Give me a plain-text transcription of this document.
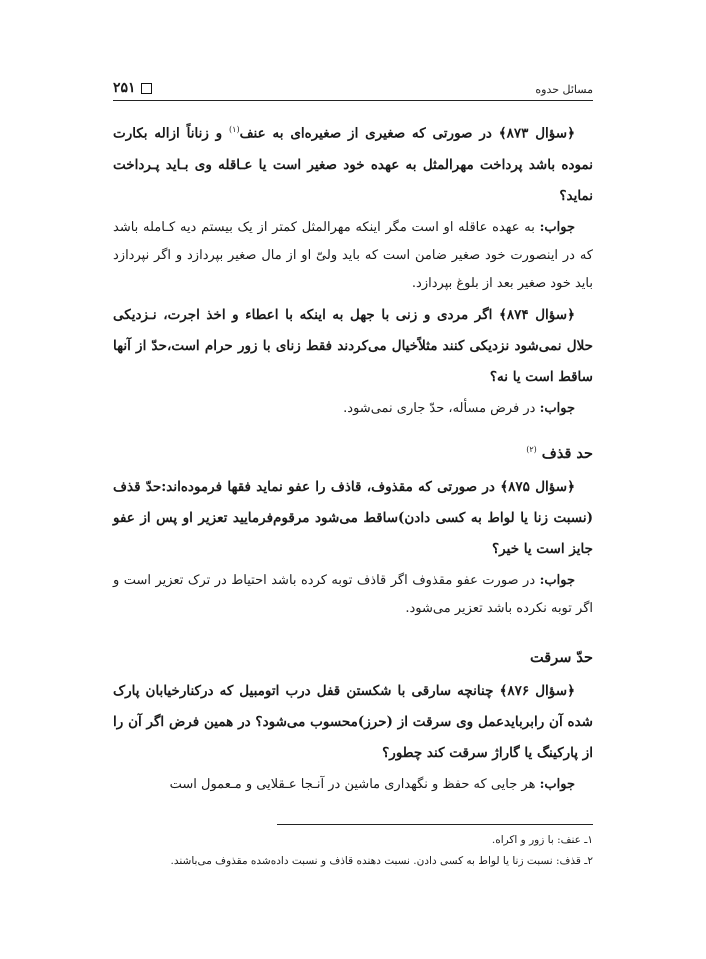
مسائل حدوه
۲۵۱

﴿سؤال ۸۷۳﴾ در صورتی که صغیری از صغیره‌ای به عنف$^{(۱)}$ و زناناً ازاله بکارت نموده باشد پرداخت مهرالمثل به عهده خود صغیر است یا عـاقله وی بـاید پـرداخت نماید؟

جواب: به عهده عاقله او است مگر اینکه مهرالمثل کمتر از یک بیستم دیه کـامله باشد که در اینصورت خود صغیر ضامن است که باید ولیّ او از مال صغیر بپردازد و اگر نپردازد باید خود صغیر بعد از بلوغ بپردازد.

﴿سؤال ۸۷۴﴾ اگر مردی و زنی با جهل به اینکه با اعطاء و اخذ اجرت، نـزدیکی حلال نمی‌شود نزدیکی کنند مثلاًخیال می‌کردند فقط زنای با زور حرام است،حدّ از آنها ساقط است یا نه؟

جواب: در فرض مسأله، حدّ جاری نمی‌شود.

حد قذف $^{(۲)}$

﴿سؤال ۸۷۵﴾ در صورتی که مقذوف، قاذف را عفو نماید فقها فرموده‌اند:حدّ قذف (نسبت زنا یا لواط به کسی دادن)ساقط می‌شود مرقوم‌فرمایید تعزیر او پس از عفو جایز است یا خیر؟

جواب: در صورت عفو مقذوف اگر قاذف توبه کرده باشد احتیاط در ترک تعزیر است و اگر توبه نکرده باشد تعزیر می‌شود.

حدّ سرقت

﴿سؤال ۸۷۶﴾ چنانچه سارقی با شکستن قفل درب اتومبیل که درکنارخیابان پارک شده آن رابربایدعمل وی سرقت از (حرز)محسوب می‌شود؟ در همین فرض اگر آن را از پارکینگ یا گاراژ سرقت کند چطور؟

جواب: هر جایی که حفظ و نگهداری ماشین در آنـجا عـقلایی و مـعمول است

۱ـ عنف: با زور و اکراه.
۲ـ قذف: نسبت زنا یا لواط به کسی دادن. نسبت دهنده قاذف و نسبت داده‌شده مقذوف می‌باشند.
